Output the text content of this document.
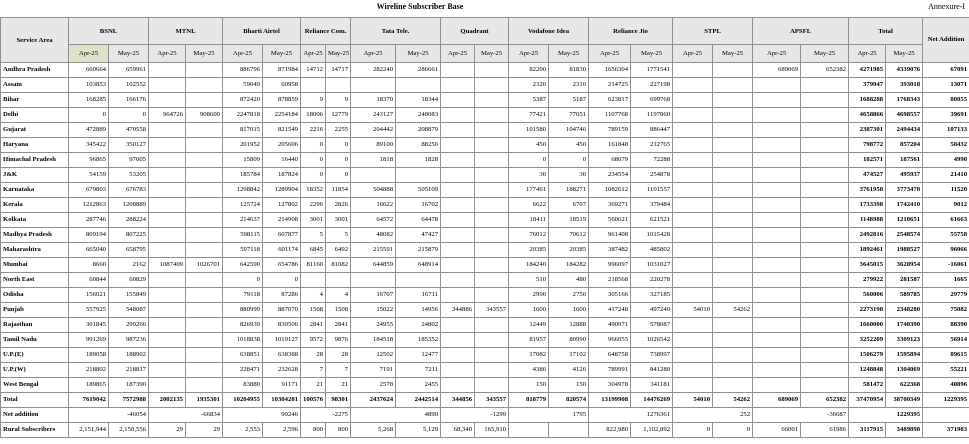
Wireline Subscriber Base	Annexure-I
Service Area	BSNL		MTNL		Bharti Airtel		Reliance Com.		Tata Tele.		Quadrant		Vodafone Idea		Reliance Jio		STPL		APSFL		Total		Net Addition
	Apr-25	May-25	Apr-25	May-25	Apr-25	May-25	Apr-25	May-25	Apr-25	May-25	Apr-25	May-25	Apr-25	May-25	Apr-25	May-25	Apr-25	May-25	Apr-25	May-25	Apr-25	May-25	
Andhra Pradesh	660664	659961			886796	871984	14712	14717	282240	286661			82200	81830	1656304	1771541			689069	652382	4271985	4339076	67091
Assam	103853	102552			59049	60958							2320	2310	214725	227198					379947	393018	13071
Bihar	168285	166176			872420	878859	9	9	18370	18344			5387	5187	623817	699768					1688288	1768343	80055
Delhi	0	0	964726	908600	2247818	2254184	18006	12779	243127	248083			77421	77051	1107768	1197860					4658866	4698557	39691
Gujarat	472889	470558			817015	821549	2216	2255	204442	208879			101580	104746	789159	886447					2387301	2494434	107133
Haryana	345422	350127			201952	205606	0	0	89100	88256			450	450	161848	212765					798772	857204	58432
Himachal Pradesh	96865	97005			15809	16440	0	0	1818	1828			0	0	68079	72288					182571	187561	4990
J&K	54159	53205			185784	187824	0	0					30	30	234554	254878					474527	495937	21410
Karnataka	679803	676783			1298842	1289904	18352	11854	504888	505109			177461	188271	1082612	1101557					3761958	3773478	11520
Kerala	1212863	1208889			125724	127802	2296	2826	16622	16702			6622	6707	369271	379484					1733398	1742410	9012
Kolkata	287746	288224			214637	214908	3001	3001	64572	64478			18411	18519	560621	621521					1148988	1210651	61663
Madhya Pradesh	809194	807225			598115	607877	5	5	48082	47427			76012	70612	961408	1015428					2492816	2548574	55758
Maharashtra	665040	658795			597118	601174	6845	6492	215591	215879			20385	20385	387482	485802					1892461	1988527	96066
Mumbai	8660	2162	1087409	1026701	642590	654786	81160	81082	644859	648914			184240	184282	996097	1031027					3645015	3628954	-16061
North East	60844	60829			0	0							510	480	218568	220278					279922	281587	1665
Odisha	156021	155849			79118	87286	4	4	16707	16711			2990	2750	305166	327185					560006	589785	29779
Punjab	557925	548087			880999	887070	1508	1508	15022	14956	344886	343557	1600	1600	417248	497240	54010	54262			2273198	2348280	75082
Rajasthan	301845	299266			826939	830506	2841	2841	24955	24802			12449	12888	490971	578087					1660000	1748390	88390
Tamil Nadu	991269	987236			1018838	1019127	9572	9876	184518	185352			81957	80990	966055	1026542					3252209	3309123	56914
U.P.(E)	189058	188902			638851	638388	28	28	12502	12477			17082	17102	648758	738997					1506279	1595894	89615
U.P.(W)	218802	218817			228471	232628	7	7	7191	7211			4386	4126	789991	841280					1248848	1304069	55221
West Bengal	189865	187390			83880	91171	21	21	2578	2455			150	150	304978	341181					581472	622368	40896
Total	7619042	7572988	2002135	1935301	10204955	10304201	100576	98301	2437624	2442514	344856	343557	818779	820574	13199908	14476269	54010	54262	689069	652382	37470954	38700349	1229395
Net addition	-46054		-66834		99246		-2275		4890		-1299		1795		1276361		252		-36687		1229395		
Rural Subscribers	2,151,944	2,150,556	29	29	2,553	2,596	800	800	5,268	5,129	68,340	165,910			822,980	1,102,892	0	0	66001	61986	3117915	3489898	371983
